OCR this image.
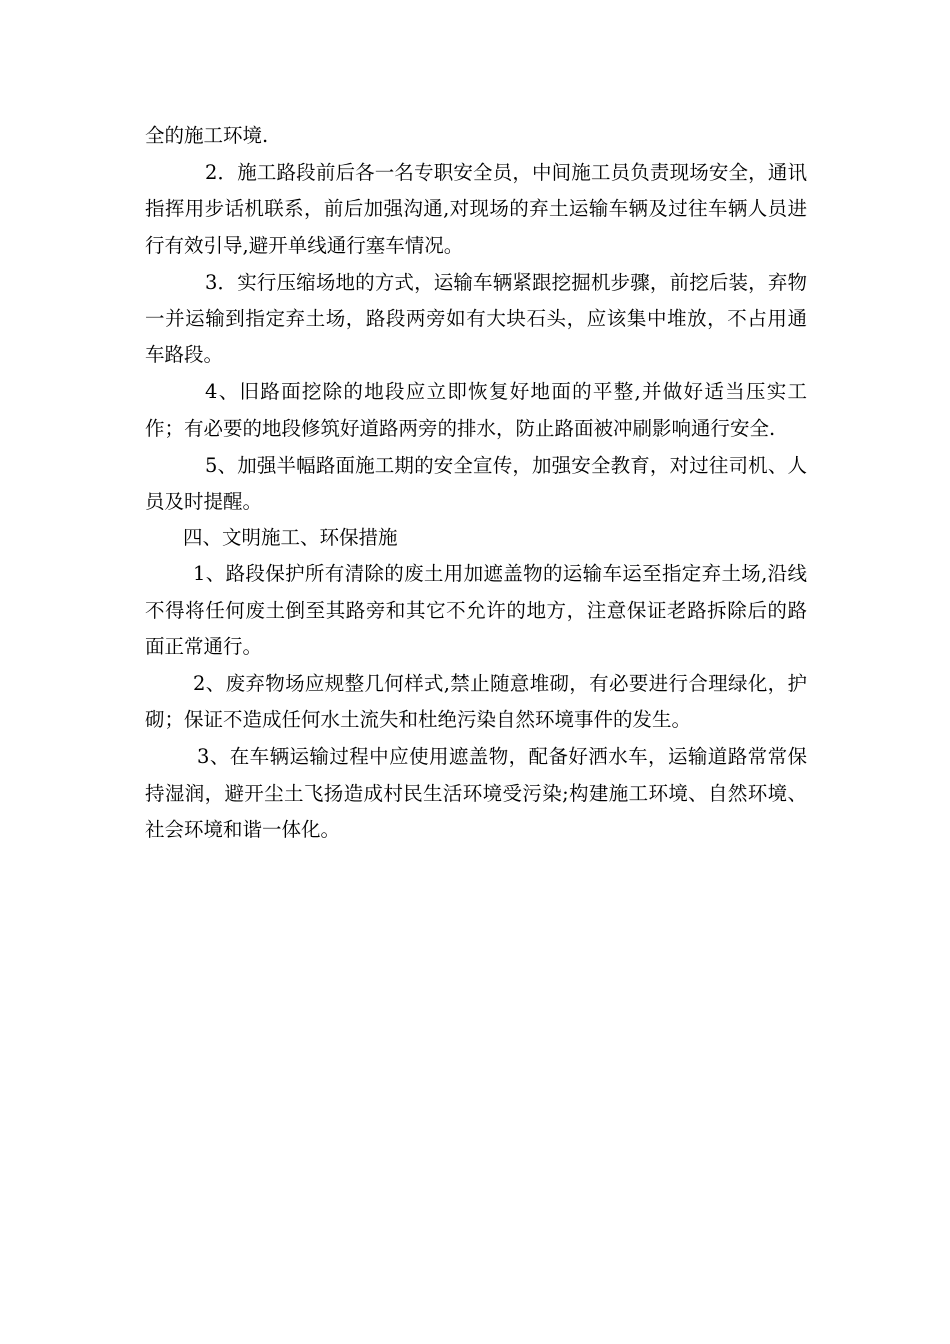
全的施工环境.

2．施工路段前后各一名专职安全员，中间施工员负责现场安全，通讯指挥用步话机联系，前后加强沟通,对现场的弃土运输车辆及过往车辆人员进行有效引导,避开单线通行塞车情况。

3．实行压缩场地的方式，运输车辆紧跟挖掘机步骤，前挖后装，弃物一并运输到指定弃土场，路段两旁如有大块石头，应该集中堆放，不占用通车路段。

4、旧路面挖除的地段应立即恢复好地面的平整,并做好适当压实工作；有必要的地段修筑好道路两旁的排水，防止路面被冲刷影响通行安全.

5、加强半幅路面施工期的安全宣传，加强安全教育，对过往司机、人员及时提醒。

四、文明施工、环保措施

1、路段保护所有清除的废土用加遮盖物的运输车运至指定弃土场,沿线不得将任何废土倒至其路旁和其它不允许的地方，注意保证老路拆除后的路面正常通行。

2、废弃物场应规整几何样式,禁止随意堆砌，有必要进行合理绿化，护砌；保证不造成任何水土流失和杜绝污染自然环境事件的发生。

3、在车辆运输过程中应使用遮盖物，配备好洒水车，运输道路常常保持湿润，避开尘土飞扬造成村民生活环境受污染;构建施工环境、自然环境、社会环境和谐一体化。
